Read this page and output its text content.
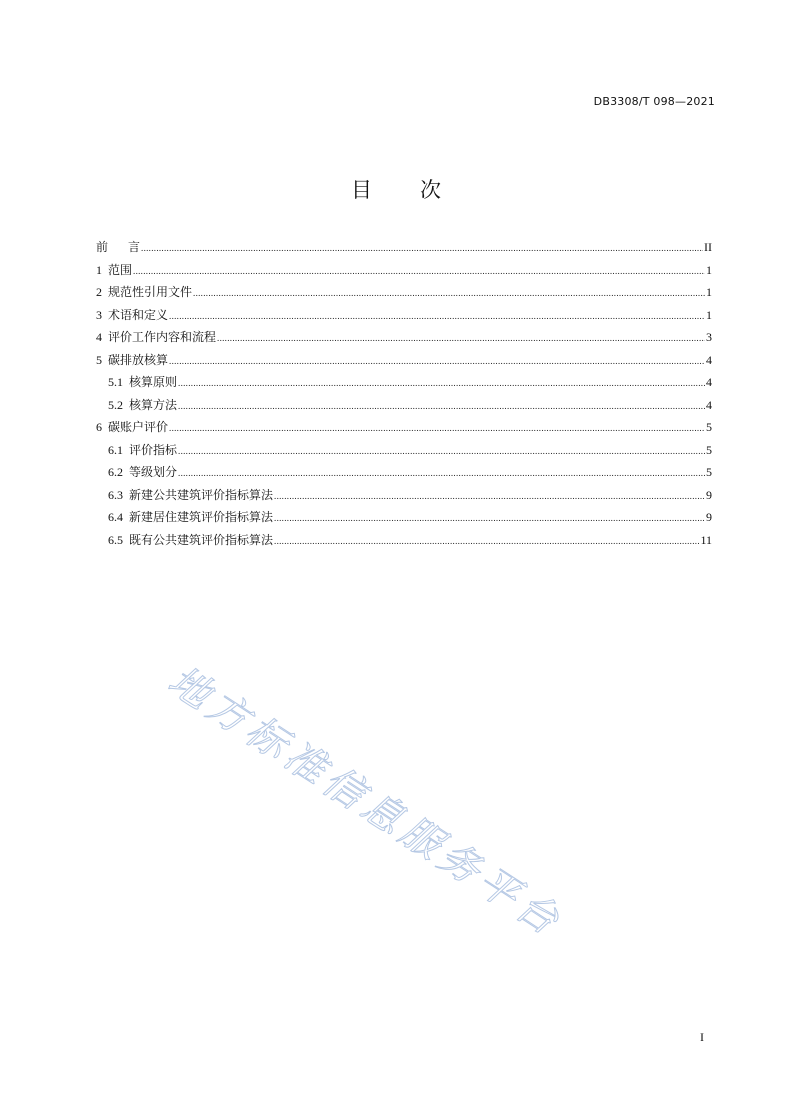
DB3308/T 098—2021
目 次
前	言 .....	II
1 范围 .....	1
2 规范性引用文件 .....	1
3 术语和定义 .....	1
4 评价工作内容和流程 .....	3
5 碳排放核算 .....	4
5.1 核算原则 .....	4
5.2 核算方法 .....	4
6 碳账户评价 .....	5
6.1 评价指标 .....	5
6.2 等级划分 .....	5
6.3 新建公共建筑评价指标算法 .....	9
6.4 新建居住建筑评价指标算法 .....	9
6.5 既有公共建筑评价指标算法 .....	11
地方标准信息服务平台
I
